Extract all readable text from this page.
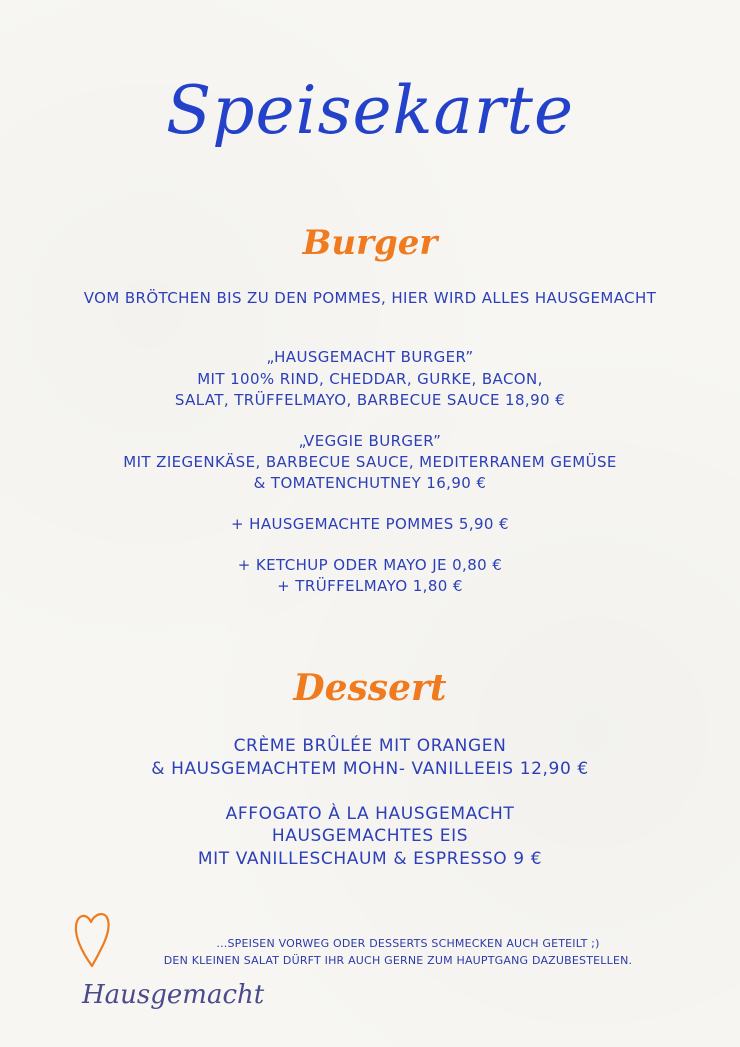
Speisekarte
Burger
VOM BRÖTCHEN BIS ZU DEN POMMES, HIER WIRD ALLES HAUSGEMACHT
„HAUSGEMACHT BURGER”
MIT 100% RIND, CHEDDAR, GURKE, BACON,
SALAT, TRÜFFELMAYO, BARBECUE SAUCE 18,90 €
„VEGGIE BURGER”
MIT ZIEGENKÄSE, BARBECUE SAUCE, MEDITERRANEM GEMÜSE
& TOMATENCHUTNEY 16,90 €
+ HAUSGEMACHTE POMMES 5,90 €
+ KETCHUP ODER MAYO JE 0,80 €
+ TRÜFFELMAYO 1,80 €
Dessert
CRÈME BRÛLÉE MIT ORANGEN
& HAUSGEMACHTEM MOHN- VANILLEEIS 12,90 €
AFFOGATO À LA HAUSGEMACHT
HAUSGEMACHTES EIS
MIT VANILLESCHAUM & ESPRESSO 9 €
...SPEISEN VORWEG ODER DESSERTS SCHMECKEN AUCH GETEILT ;)
DEN KLEINEN SALAT DÜRFT IHR AUCH GERNE ZUM HAUPTGANG DAZUBESTELLEN.
Hausgemacht
